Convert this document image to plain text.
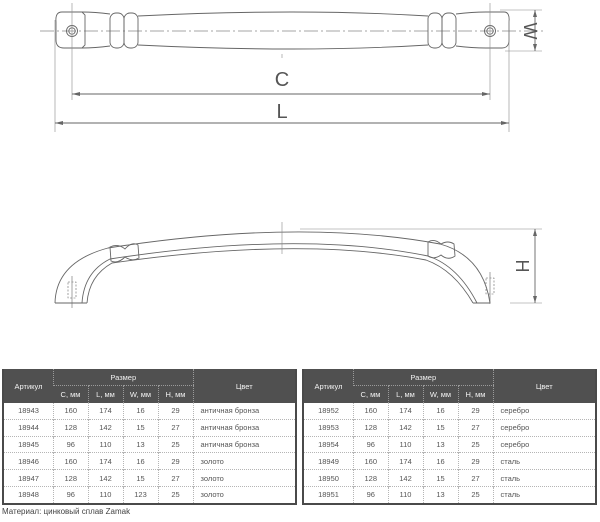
C
L
W
H
Артикул	Размер				Цвет
	C, мм	L, мм	W, мм	H, мм	
18943	160	174	16	29	античная бронза
18944	128	142	15	27	античная бронза
18945	96	110	13	25	античная бронза
18946	160	174	16	29	золото
18947	128	142	15	27	золото
18948	96	110	123	25	золото
Артикул	Размер				Цвет
	C, мм	L, мм	W, мм	H, мм	
18952	160	174	16	29	серебро
18953	128	142	15	27	серебро
18954	96	110	13	25	серебро
18949	160	174	16	29	сталь
18950	128	142	15	27	сталь
18951	96	110	13	25	сталь
Материал: цинковый сплав Zamak
